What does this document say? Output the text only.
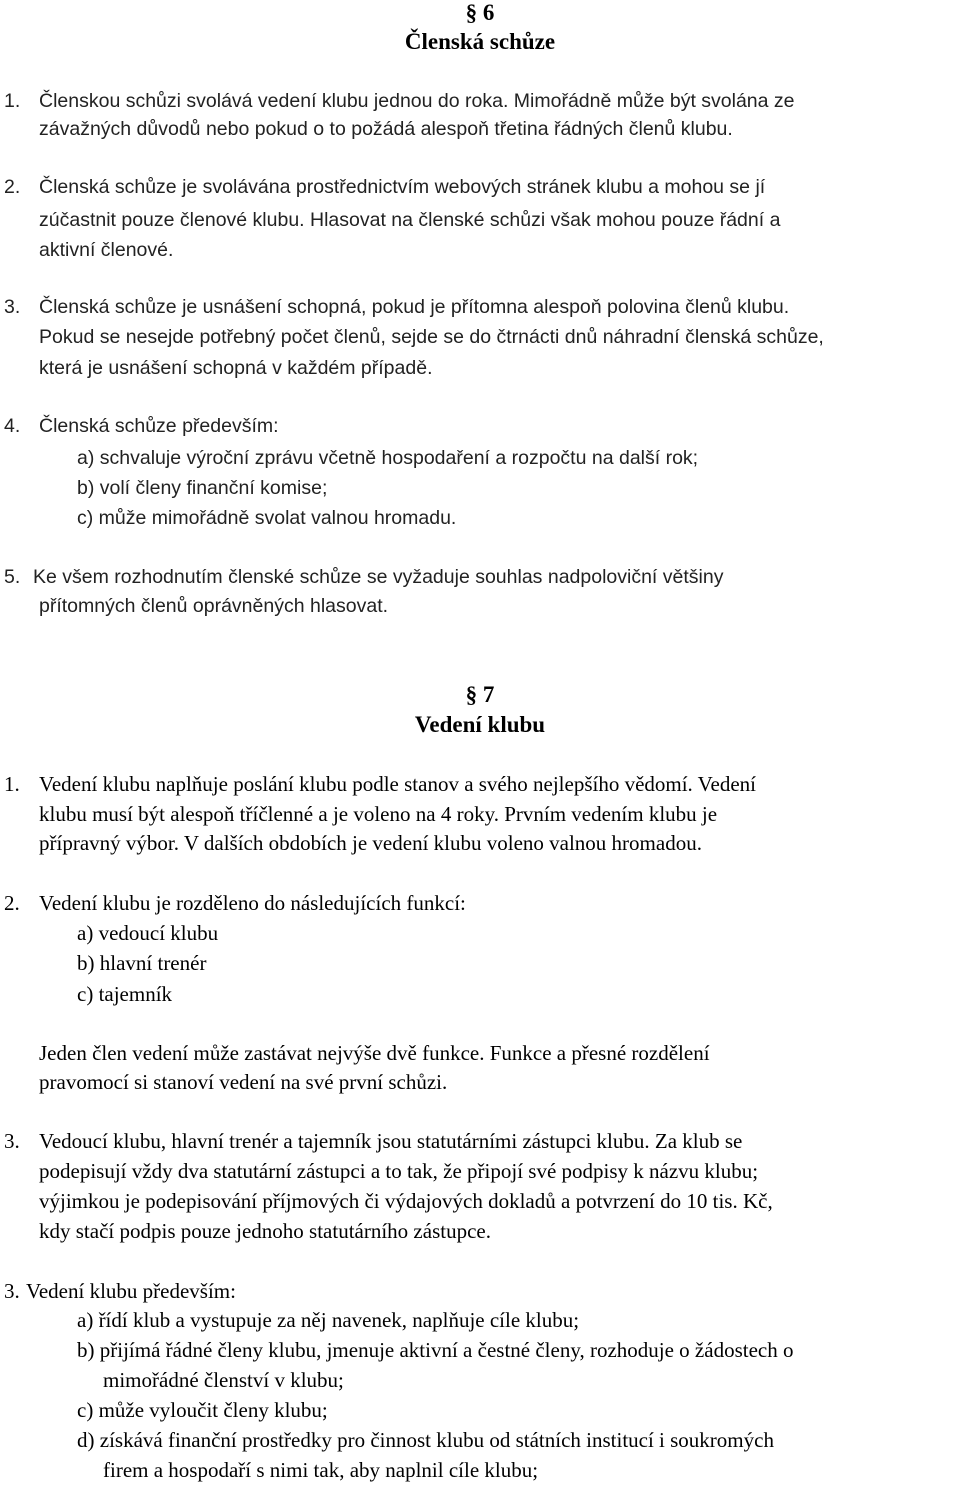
§ 6
Členská schůze
1. Členskou schůzi svolává vedení klubu jednou do roka. Mimořádně může být svolána ze
závažných důvodů nebo pokud o to požádá alespoň třetina řádných členů klubu.
2. Členská schůze je svolávána prostřednictvím webových stránek klubu a mohou se jí
zúčastnit pouze členové klubu. Hlasovat na členské schůzi však mohou pouze řádní a
aktivní členové.
3. Členská schůze je usnášení schopná, pokud je přítomna alespoň polovina členů klubu.
Pokud se nesejde potřebný počet členů, sejde se do čtrnácti dnů náhradní členská schůze,
která je usnášení schopná v každém případě.
4. Členská schůze především:
a) schvaluje výroční zprávu včetně hospodaření a rozpočtu na další rok;
b) volí členy finanční komise;
c) může mimořádně svolat valnou hromadu.
5. Ke všem rozhodnutím členské schůze se vyžaduje souhlas nadpoloviční většiny
přítomných členů oprávněných hlasovat.
§ 7
Vedení klubu
1. Vedení klubu naplňuje poslání klubu podle stanov a svého nejlepšího vědomí. Vedení
klubu musí být alespoň tříčlenné a je voleno na 4 roky. Prvním vedením klubu je
přípravný výbor. V dalších obdobích je vedení klubu voleno valnou hromadou.
2. Vedení klubu je rozděleno do následujících funkcí:
a) vedoucí klubu
b) hlavní trenér
c) tajemník
Jeden člen vedení může zastávat nejvýše dvě funkce. Funkce a přesné rozdělení
pravomocí si stanoví vedení na své první schůzi.
3. Vedoucí klubu, hlavní trenér a tajemník jsou statutárními zástupci klubu. Za klub se
podepisují vždy dva statutární zástupci a to tak, že připojí své podpisy k názvu klubu;
výjimkou je podepisování příjmových či výdajových dokladů a potvrzení do 10 tis. Kč,
kdy stačí podpis pouze jednoho statutárního zástupce.
3. Vedení klubu především:
a) řídí klub a vystupuje za něj navenek, naplňuje cíle klubu;
b) přijímá řádné členy klubu, jmenuje aktivní a čestné členy, rozhoduje o žádostech o
mimořádné členství v klubu;
c) může vyloučit členy klubu;
d) získává finanční prostředky pro činnost klubu od státních institucí i soukromých
firem a hospodaří s nimi tak, aby naplnil cíle klubu;
